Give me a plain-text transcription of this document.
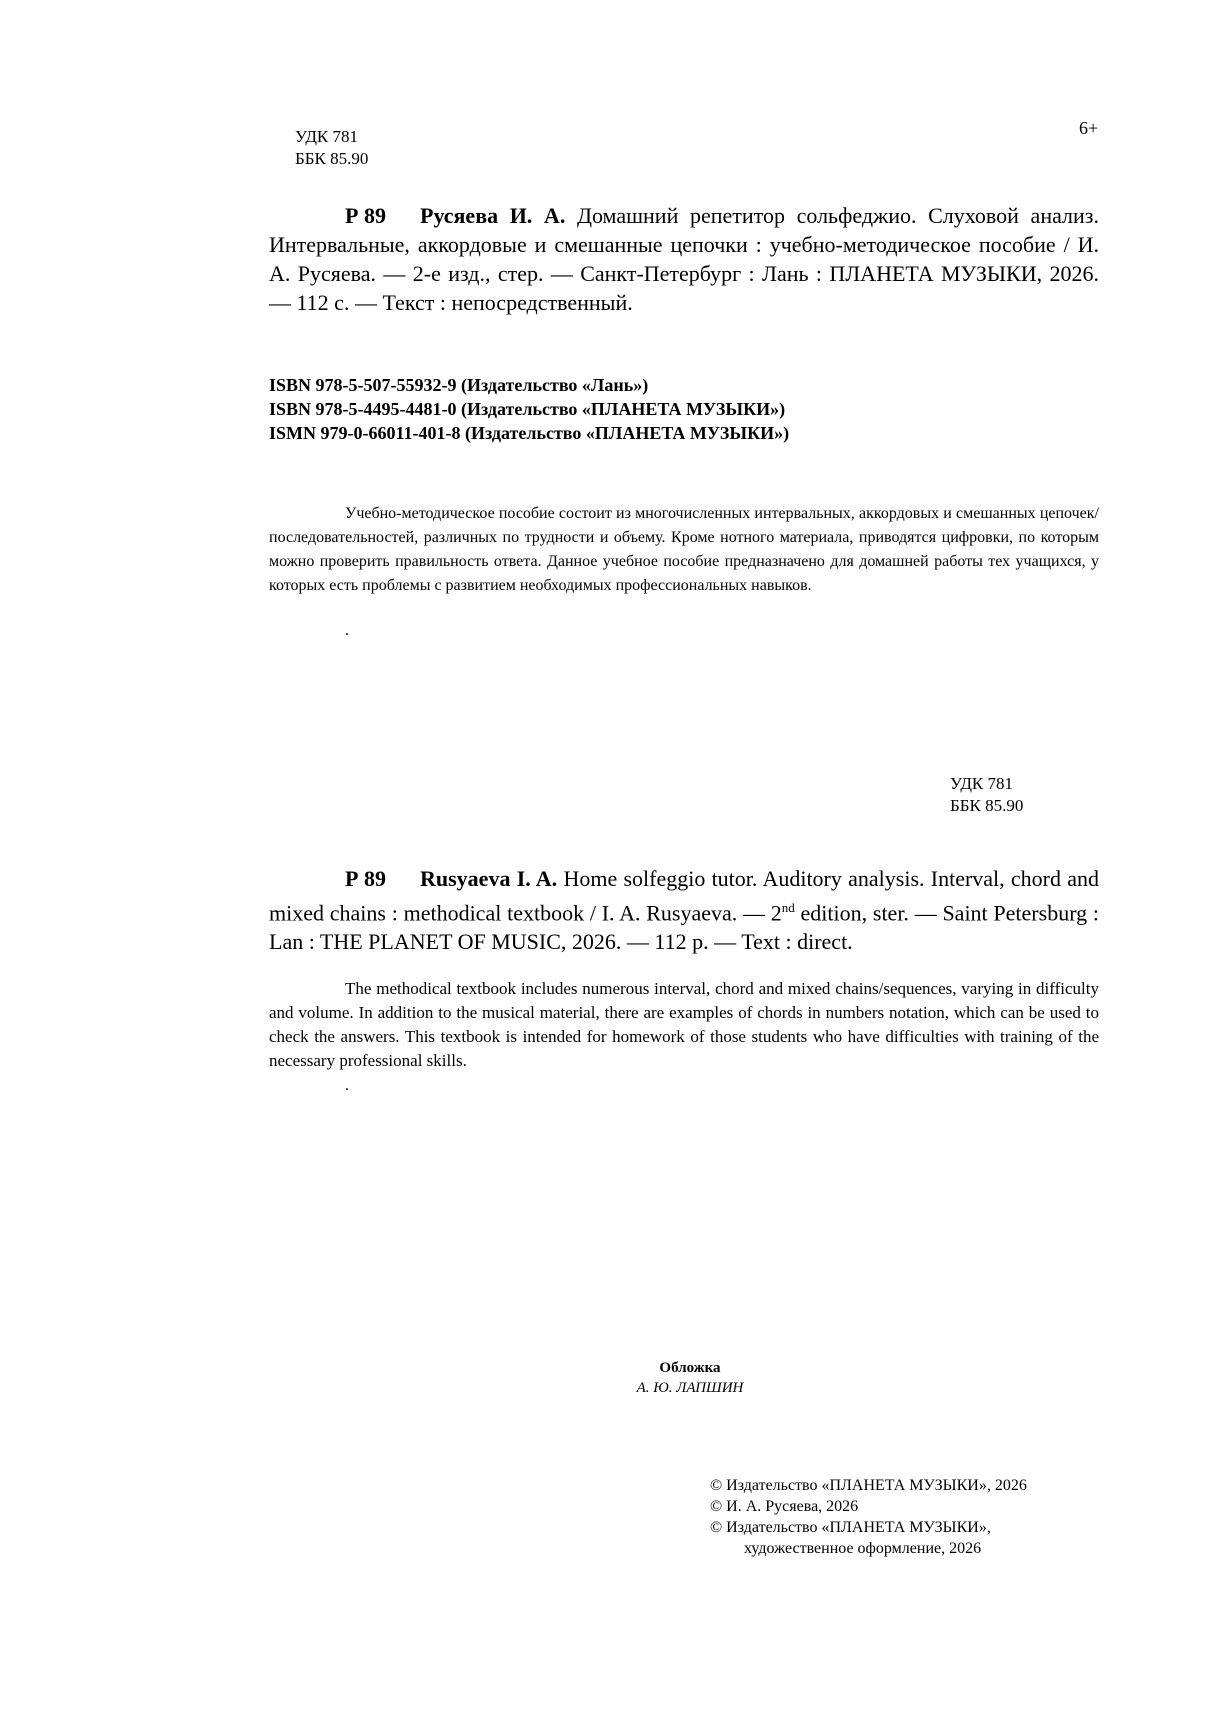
УДК 781
ББК 85.90
6+
Р 89 Русяева И. А. Домашний репетитор сольфеджио. Слуховой анализ. Интервальные, аккордовые и смешанные цепочки : учебно-методическое пособие / И. А. Русяева. — 2-е изд., стер. — Санкт-Петербург : Лань : ПЛАНЕТА МУЗЫКИ, 2026. — 112 с. — Текст : непосредственный.
ISBN 978-5-507-55932-9 (Издательство «Лань»)
ISBN 978-5-4495-4481-0 (Издательство «ПЛАНЕТА МУЗЫКИ»)
ISMN 979-0-66011-401-8 (Издательство «ПЛАНЕТА МУЗЫКИ»)
Учебно-методическое пособие состоит из многочисленных интервальных, аккордовых и смешанных цепочек/последовательностей, различных по трудности и объему. Кроме нотного материала, приводятся цифровки, по которым можно проверить правильность ответа. Данное учебное пособие предназначено для домашней работы тех учащихся, у которых есть проблемы с развитием необходимых профессиональных навыков.
.
УДК 781
ББК 85.90
Р 89 Rusyaeva I. A. Home solfeggio tutor. Auditory analysis. Interval, chord and mixed chains : methodical textbook / I. A. Rusyaeva. — 2nd edition, ster. — Saint Petersburg : Lan : THE PLANET OF MUSIC, 2026. — 112 p. — Text : direct.
The methodical textbook includes numerous interval, chord and mixed chains/sequences, varying in difficulty and volume. In addition to the musical material, there are examples of chords in numbers notation, which can be used to check the answers. This textbook is intended for homework of those students who have difficulties with training of the necessary professional skills.
.
Обложка
А. Ю. ЛАПШИН
© Издательство «ПЛАНЕТА МУЗЫКИ», 2026
© И. А. Русяева, 2026
© Издательство «ПЛАНЕТА МУЗЫКИ»,
художественное оформление, 2026
